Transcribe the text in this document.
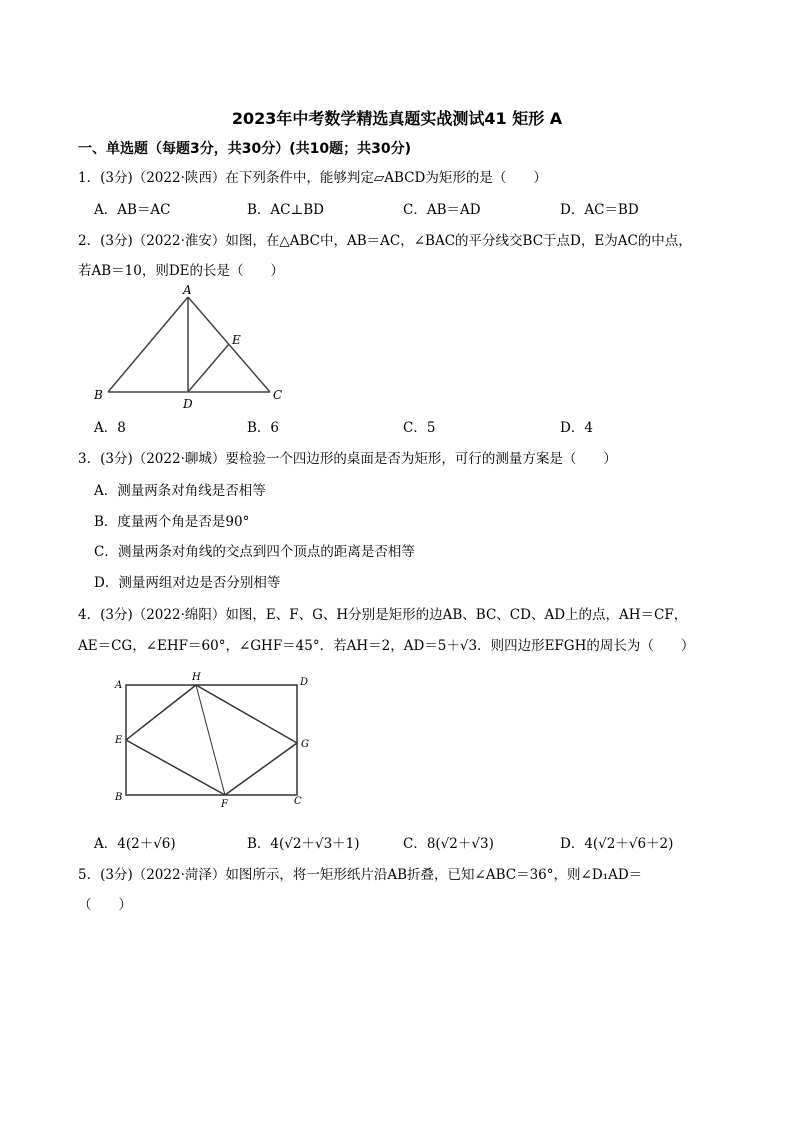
2023年中考数学精选真题实战测试41 矩形 A
一、单选题（每题3分，共30分）(共10题；共30分)
1．(3分)（2022·陕西）在下列条件中，能够判定▱ABCD为矩形的是（　　）
A．AB＝AC	B．AC⊥BD	C．AB＝AD	D．AC＝BD
2．(3分)（2022·淮安）如图，在△ABC中，AB＝AC，∠BAC的平分线交BC于点D，E为AC的中点，
若AB＝10，则DE的长是（　　）
A
B	C
D
E
A．8	B．6	C．5	D．4
3．(3分)（2022·聊城）要检验一个四边形的桌面是否为矩形，可行的测量方案是（　　）
A．测量两条对角线是否相等
B．度量两个角是否是90°
C．测量两条对角线的交点到四个顶点的距离是否相等
D．测量两组对边是否分别相等
4．(3分)（2022·绵阳）如图，E、F、G、H分别是矩形的边AB、BC、CD、AD上的点，AH＝CF，
AE＝CG，∠EHF＝60°，∠GHF＝45°．若AH＝2，AD＝5＋√3．则四边形EFGH的周长为（　　）
A
H	D
E	G
B
F	C
A．4(2＋√6)	B．4(√2＋√3＋1)	C．8(√2＋√3)	D．4(√2＋√6＋2)
5．(3分)（2022·菏泽）如图所示，将一矩形纸片沿AB折叠，已知∠ABC＝36°，则∠D₁AD＝
（　　）
